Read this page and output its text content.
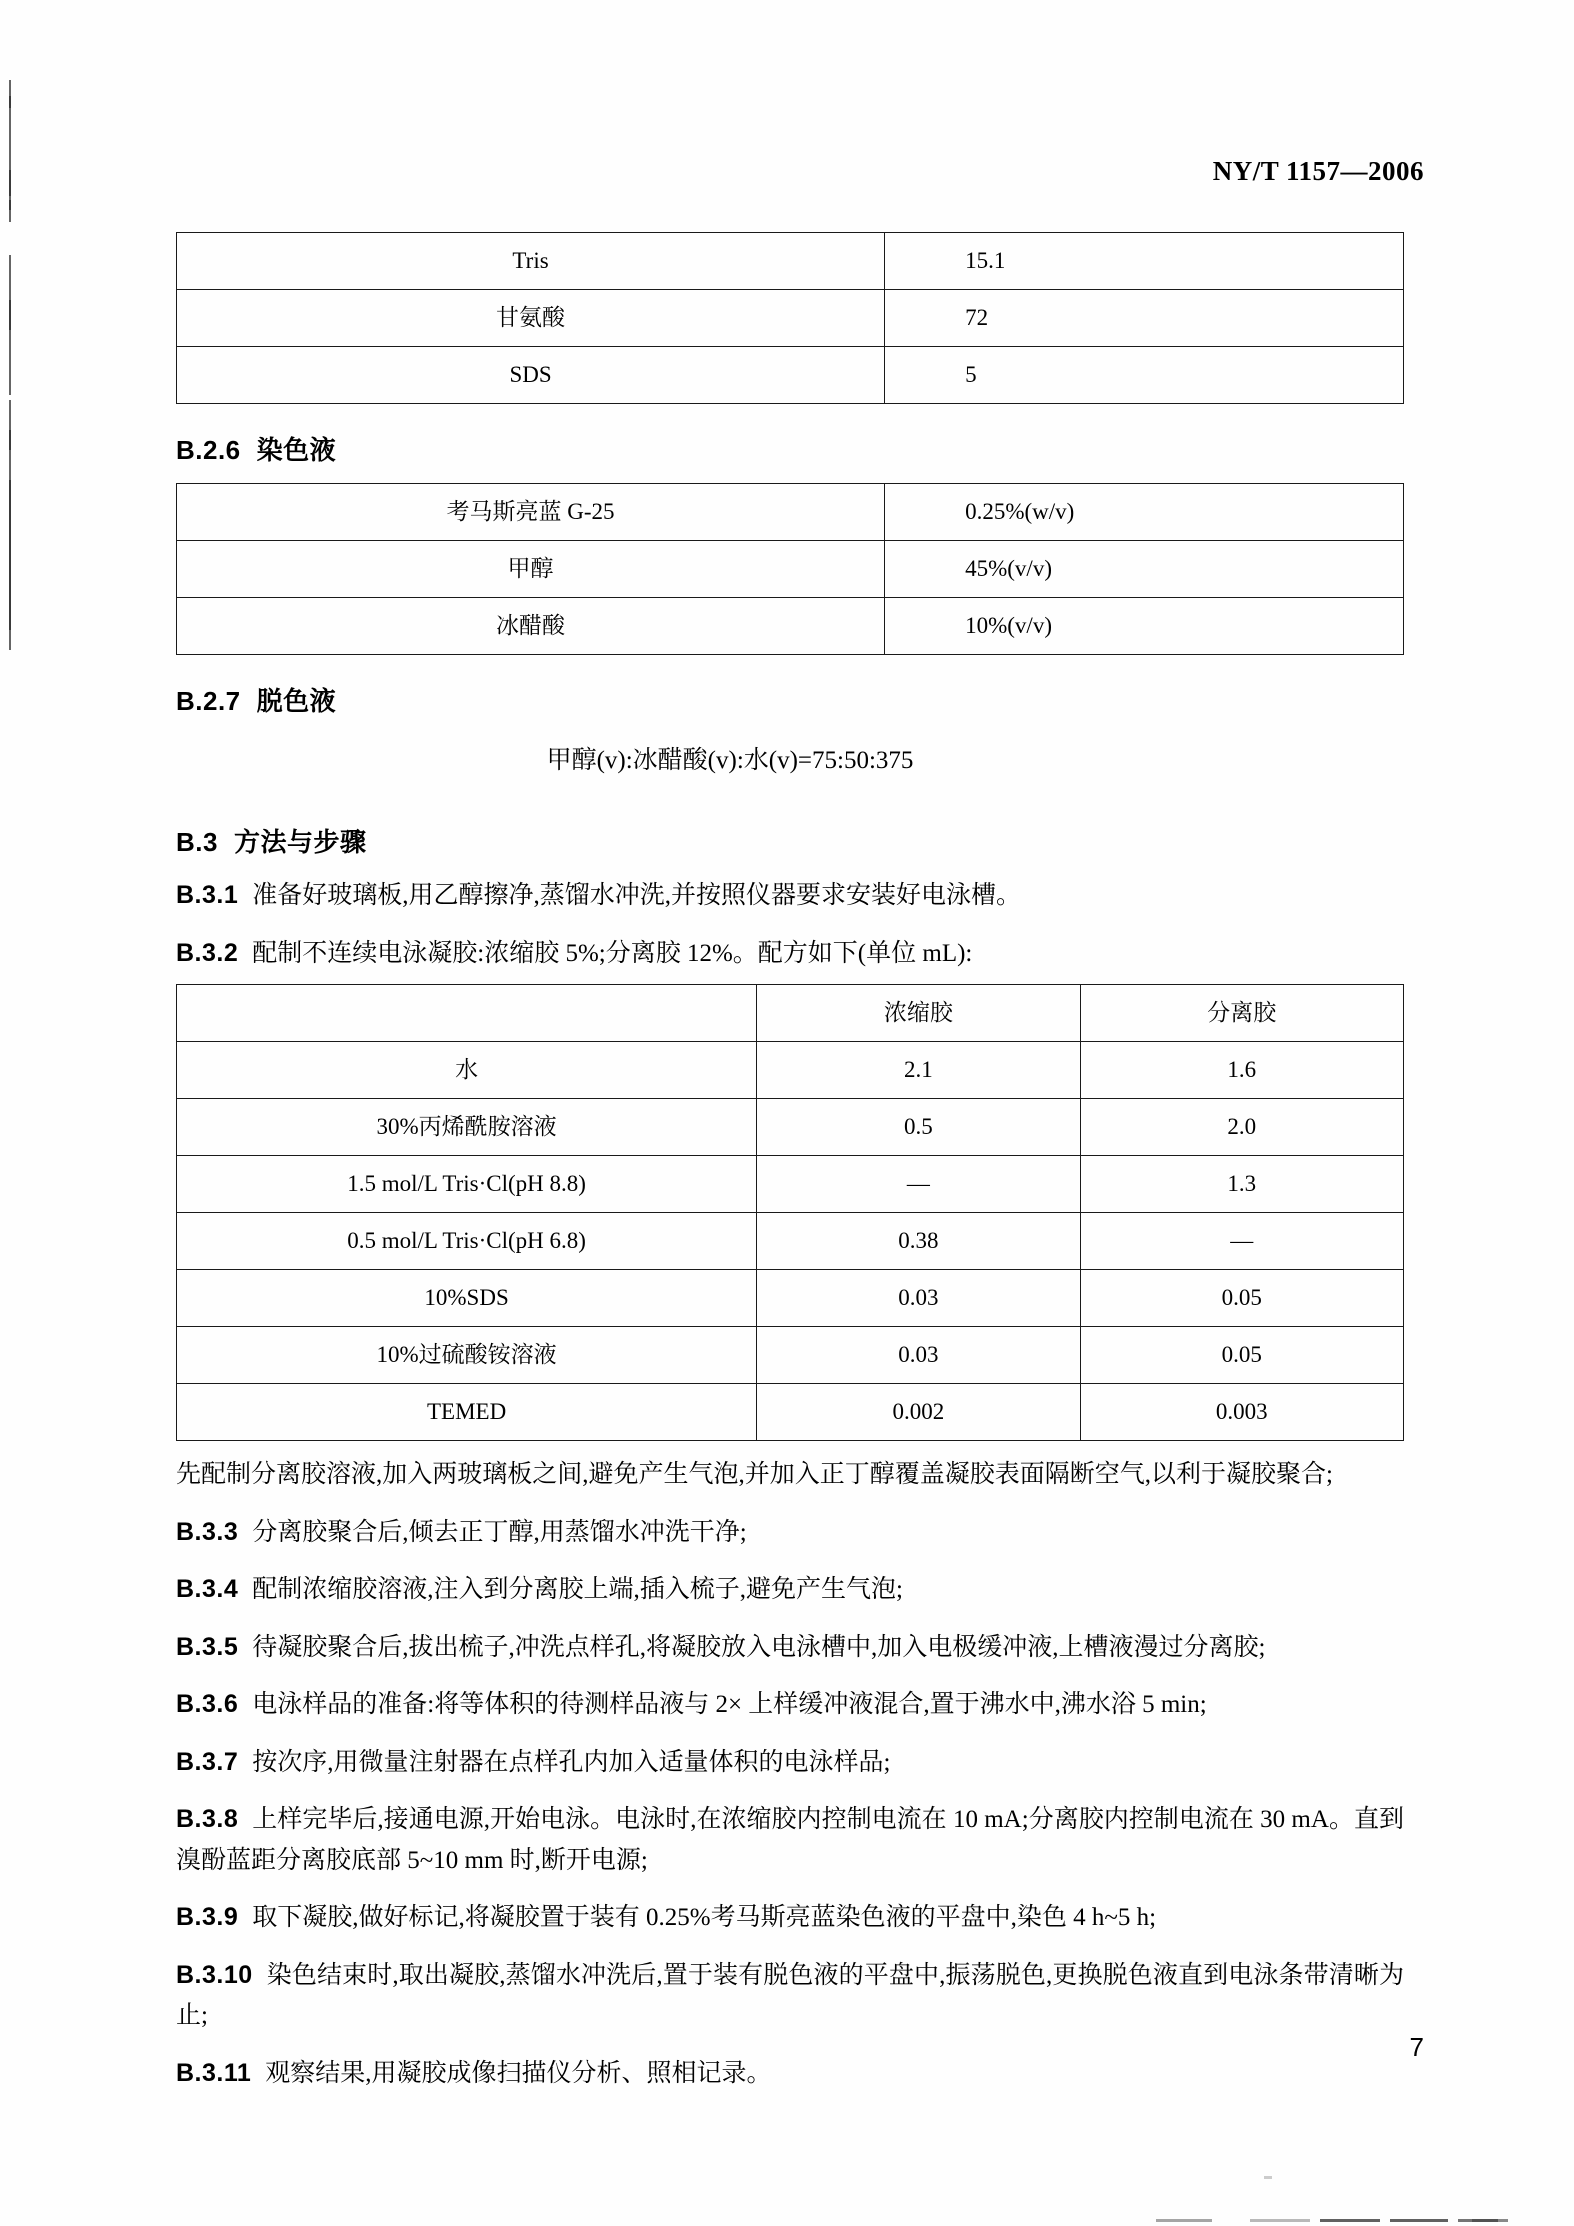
NY/T 1157—2006
Tris	15.1
甘氨酸	72
SDS	5
B.2.6 染色液
考马斯亮蓝 G-25	0.25%(w/v)
甲醇	45%(v/v)
冰醋酸	10%(v/v)
B.2.7 脱色液
甲醇(v):冰醋酸(v):水(v)=75:50:375
B.3 方法与步骤

B.3.1 准备好玻璃板,用乙醇擦净,蒸馏水冲洗,并按照仪器要求安装好电泳槽。

B.3.2 配制不连续电泳凝胶:浓缩胶 5%;分离胶 12%。配方如下(单位 mL):

	浓缩胶	分离胶
水	2.1	1.6
30%丙烯酰胺溶液	0.5	2.0
1.5 mol/L Tris·Cl(pH 8.8)	—	1.3
0.5 mol/L Tris·Cl(pH 6.8)	0.38	—
10%SDS	0.03	0.05
10%过硫酸铵溶液	0.03	0.05
TEMED	0.002	0.003

先配制分离胶溶液,加入两玻璃板之间,避免产生气泡,并加入正丁醇覆盖凝胶表面隔断空气,以利于凝胶聚合;

B.3.3 分离胶聚合后,倾去正丁醇,用蒸馏水冲洗干净;

B.3.4 配制浓缩胶溶液,注入到分离胶上端,插入梳子,避免产生气泡;

B.3.5 待凝胶聚合后,拔出梳子,冲洗点样孔,将凝胶放入电泳槽中,加入电极缓冲液,上槽液漫过分离胶;

B.3.6 电泳样品的准备:将等体积的待测样品液与 2× 上样缓冲液混合,置于沸水中,沸水浴 5 min;

B.3.7 按次序,用微量注射器在点样孔内加入适量体积的电泳样品;

B.3.8 上样完毕后,接通电源,开始电泳。电泳时,在浓缩胶内控制电流在 10 mA;分离胶内控制电流在 30 mA。直到溴酚蓝距分离胶底部 5~10 mm 时,断开电源;

B.3.9 取下凝胶,做好标记,将凝胶置于装有 0.25%考马斯亮蓝染色液的平盘中,染色 4 h~5 h;

B.3.10 染色结束时,取出凝胶,蒸馏水冲洗后,置于装有脱色液的平盘中,振荡脱色,更换脱色液直到电泳条带清晰为止;

B.3.11 观察结果,用凝胶成像扫描仪分析、照相记录。

7
